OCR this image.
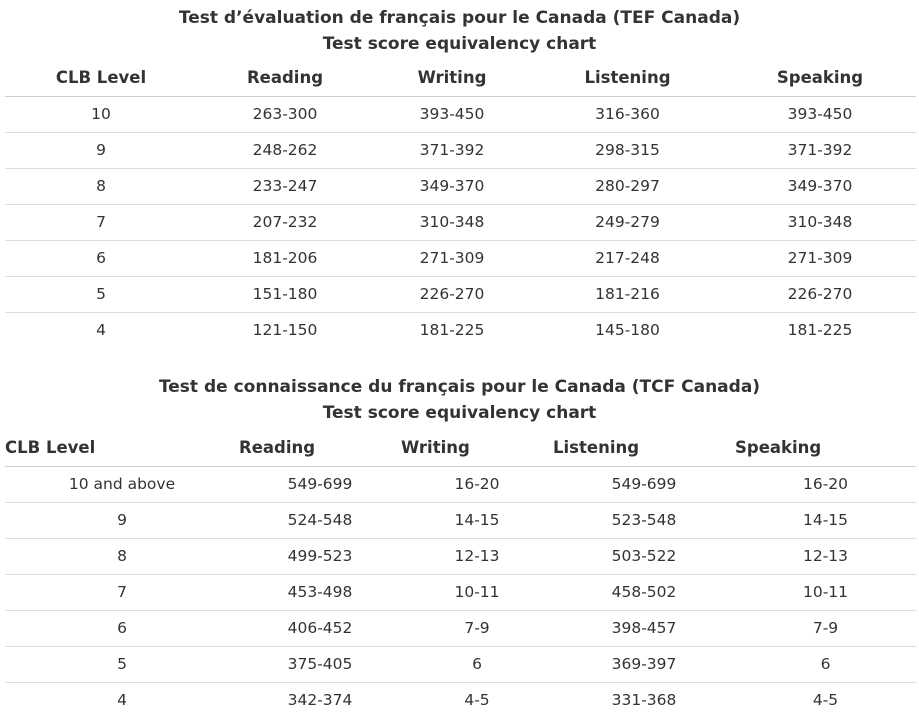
Test d’évaluation de français pour le Canada (TEF Canada)
Test score equivalency chart
CLB Level	Reading	Writing	Listening	Speaking
10	263-300	393-450	316-360	393-450
9	248-262	371-392	298-315	371-392
8	233-247	349-370	280-297	349-370
7	207-232	310-348	249-279	310-348
6	181-206	271-309	217-248	271-309
5	151-180	226-270	181-216	226-270
4	121-150	181-225	145-180	181-225
Test de connaissance du français pour le Canada (TCF Canada)
Test score equivalency chart
CLB Level	Reading	Writing	Listening	Speaking
10 and above	549-699	16-20	549-699	16-20
9	524-548	14-15	523-548	14-15
8	499-523	12-13	503-522	12-13
7	453-498	10-11	458-502	10-11
6	406-452	7-9	398-457	7-9
5	375-405	6	369-397	6
4	342-374	4-5	331-368	4-5
